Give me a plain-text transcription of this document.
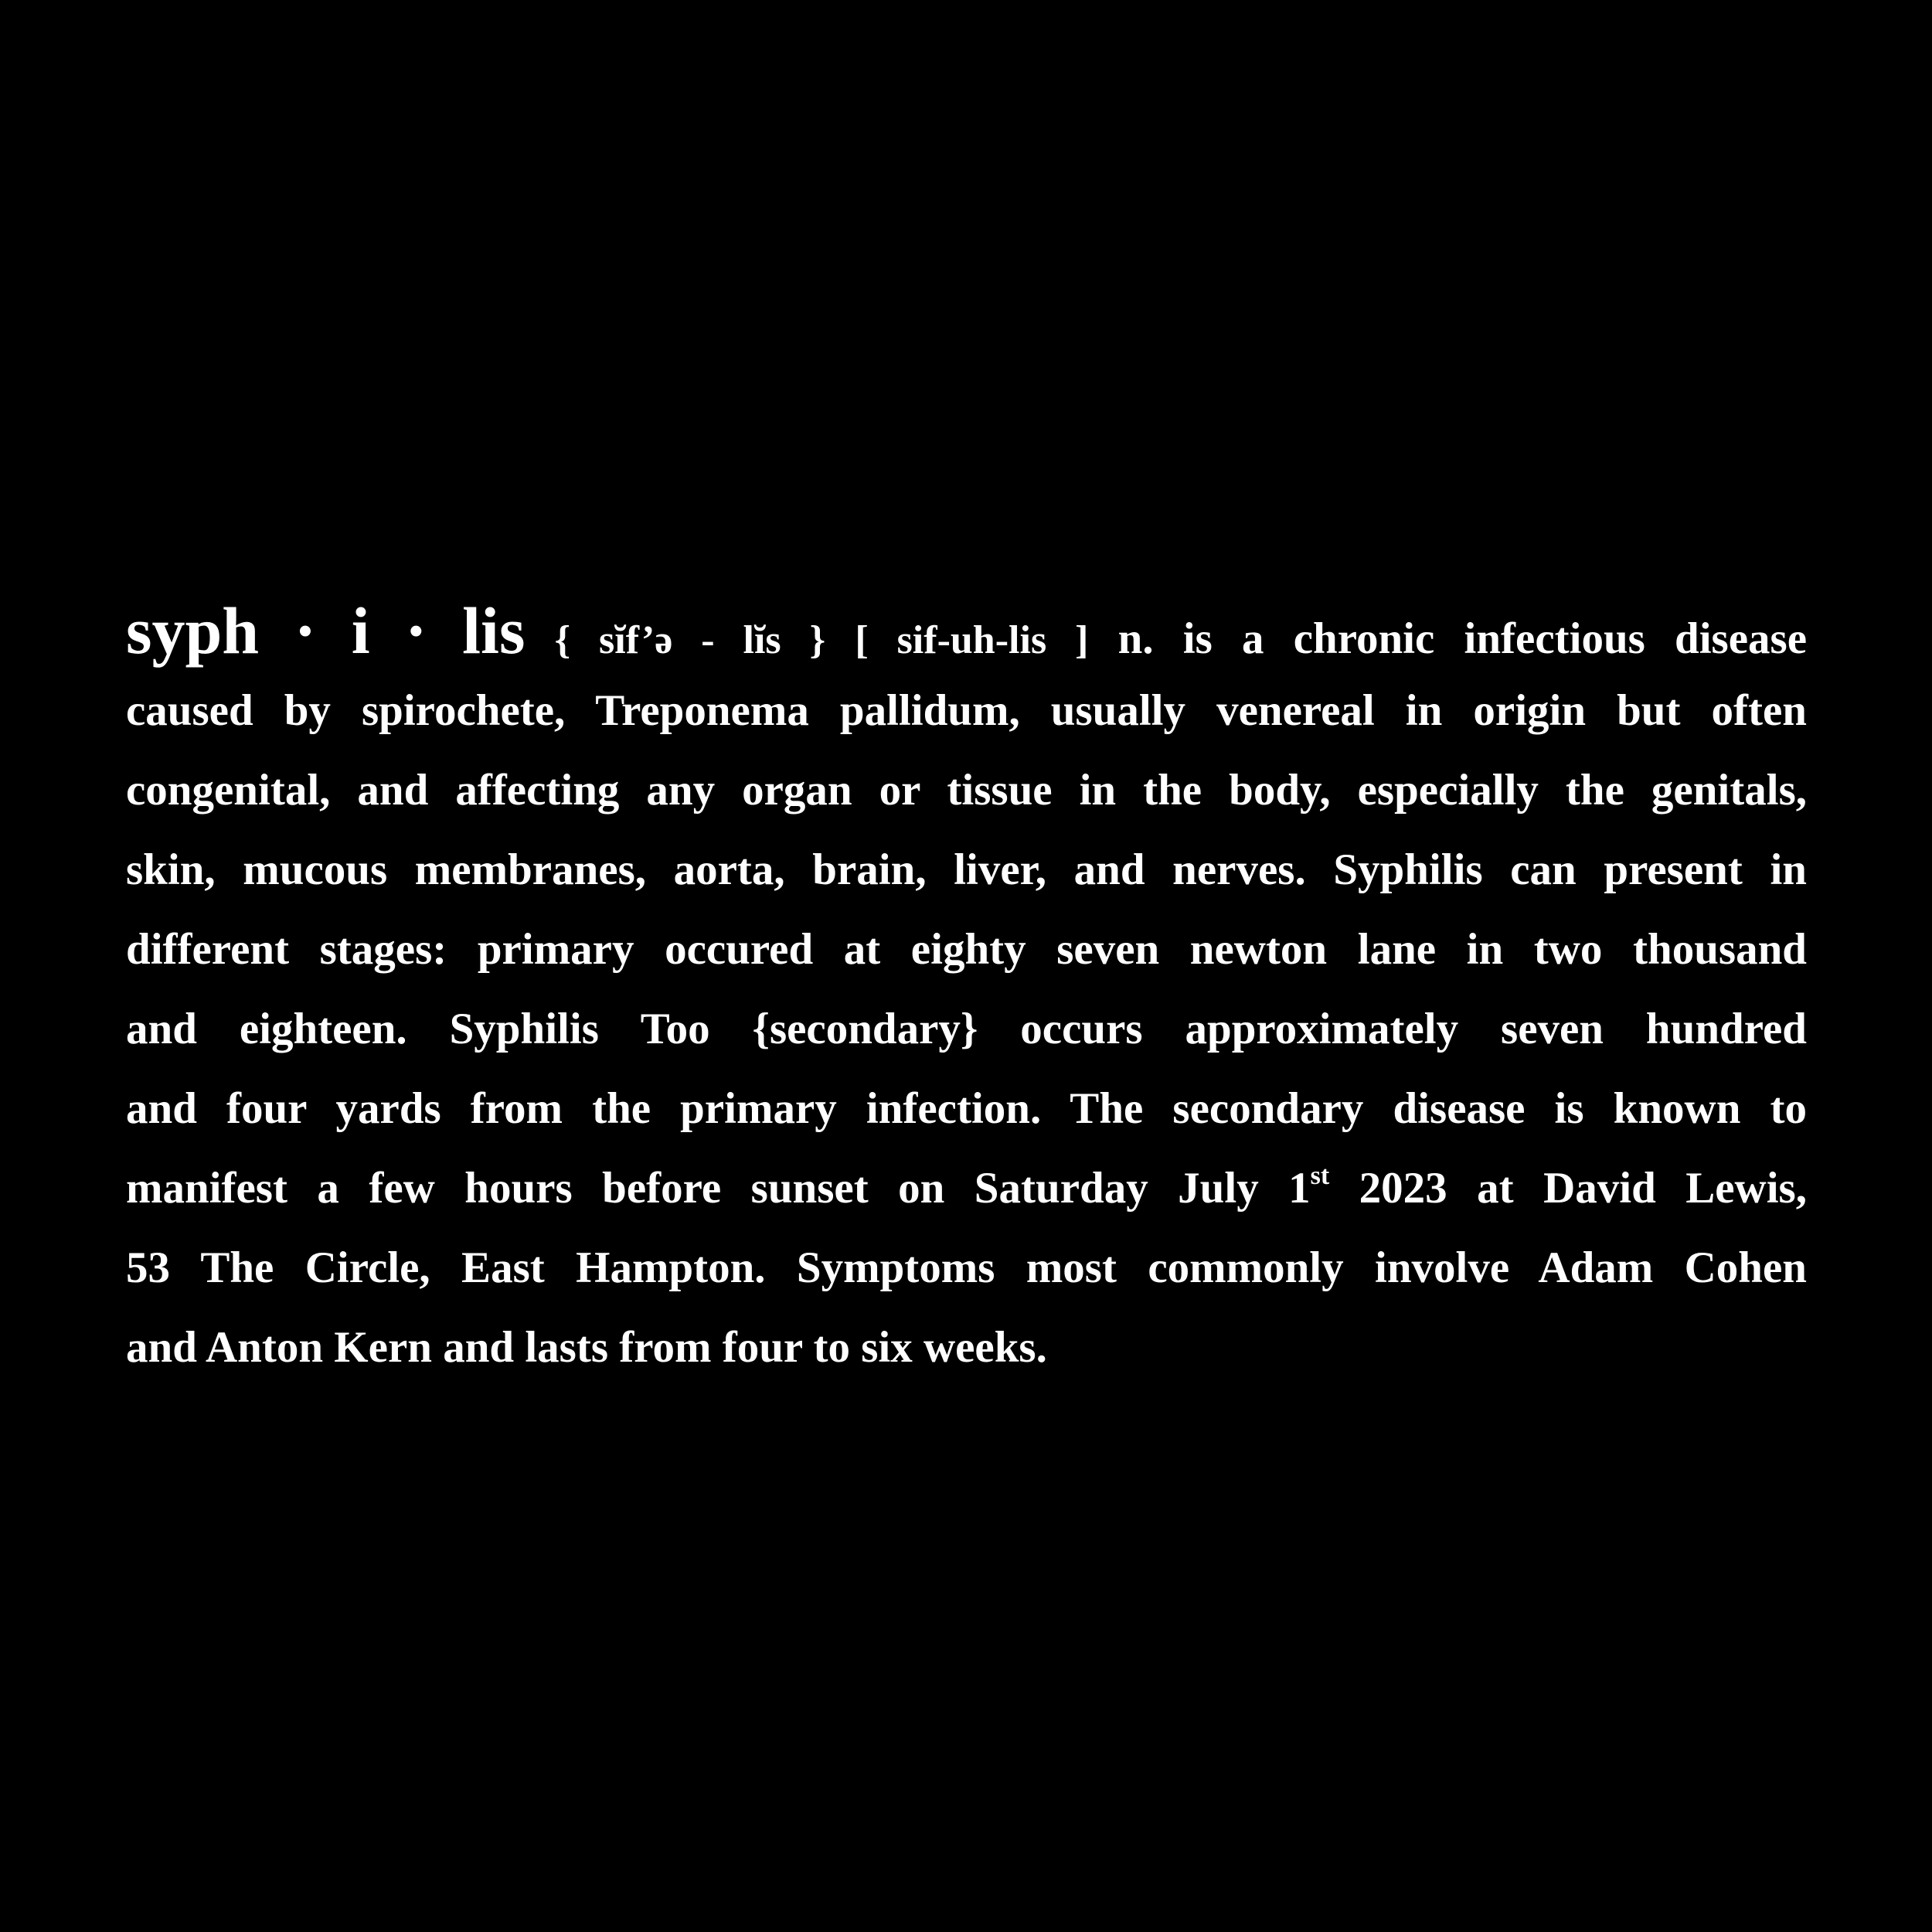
syph · i · lis { sĭf’ə - lĭs } [ sif-uh-lis ] n. is a chronic infectious disease
caused by spirochete, Treponema pallidum, usually venereal in origin but often
congenital, and affecting any organ or tissue in the body, especially the genitals,
skin, mucous membranes, aorta, brain, liver, and nerves. Syphilis can present in
different stages: primary occured at eighty seven newton lane in two thousand
and eighteen. Syphilis Too {secondary} occurs approximately seven hundred
and four yards from the primary infection. The secondary disease is known to
manifest a few hours before sunset on Saturday July 1st 2023 at David Lewis,
53 The Circle, East Hampton. Symptoms most commonly involve Adam Cohen
and Anton Kern and lasts from four to six weeks.
